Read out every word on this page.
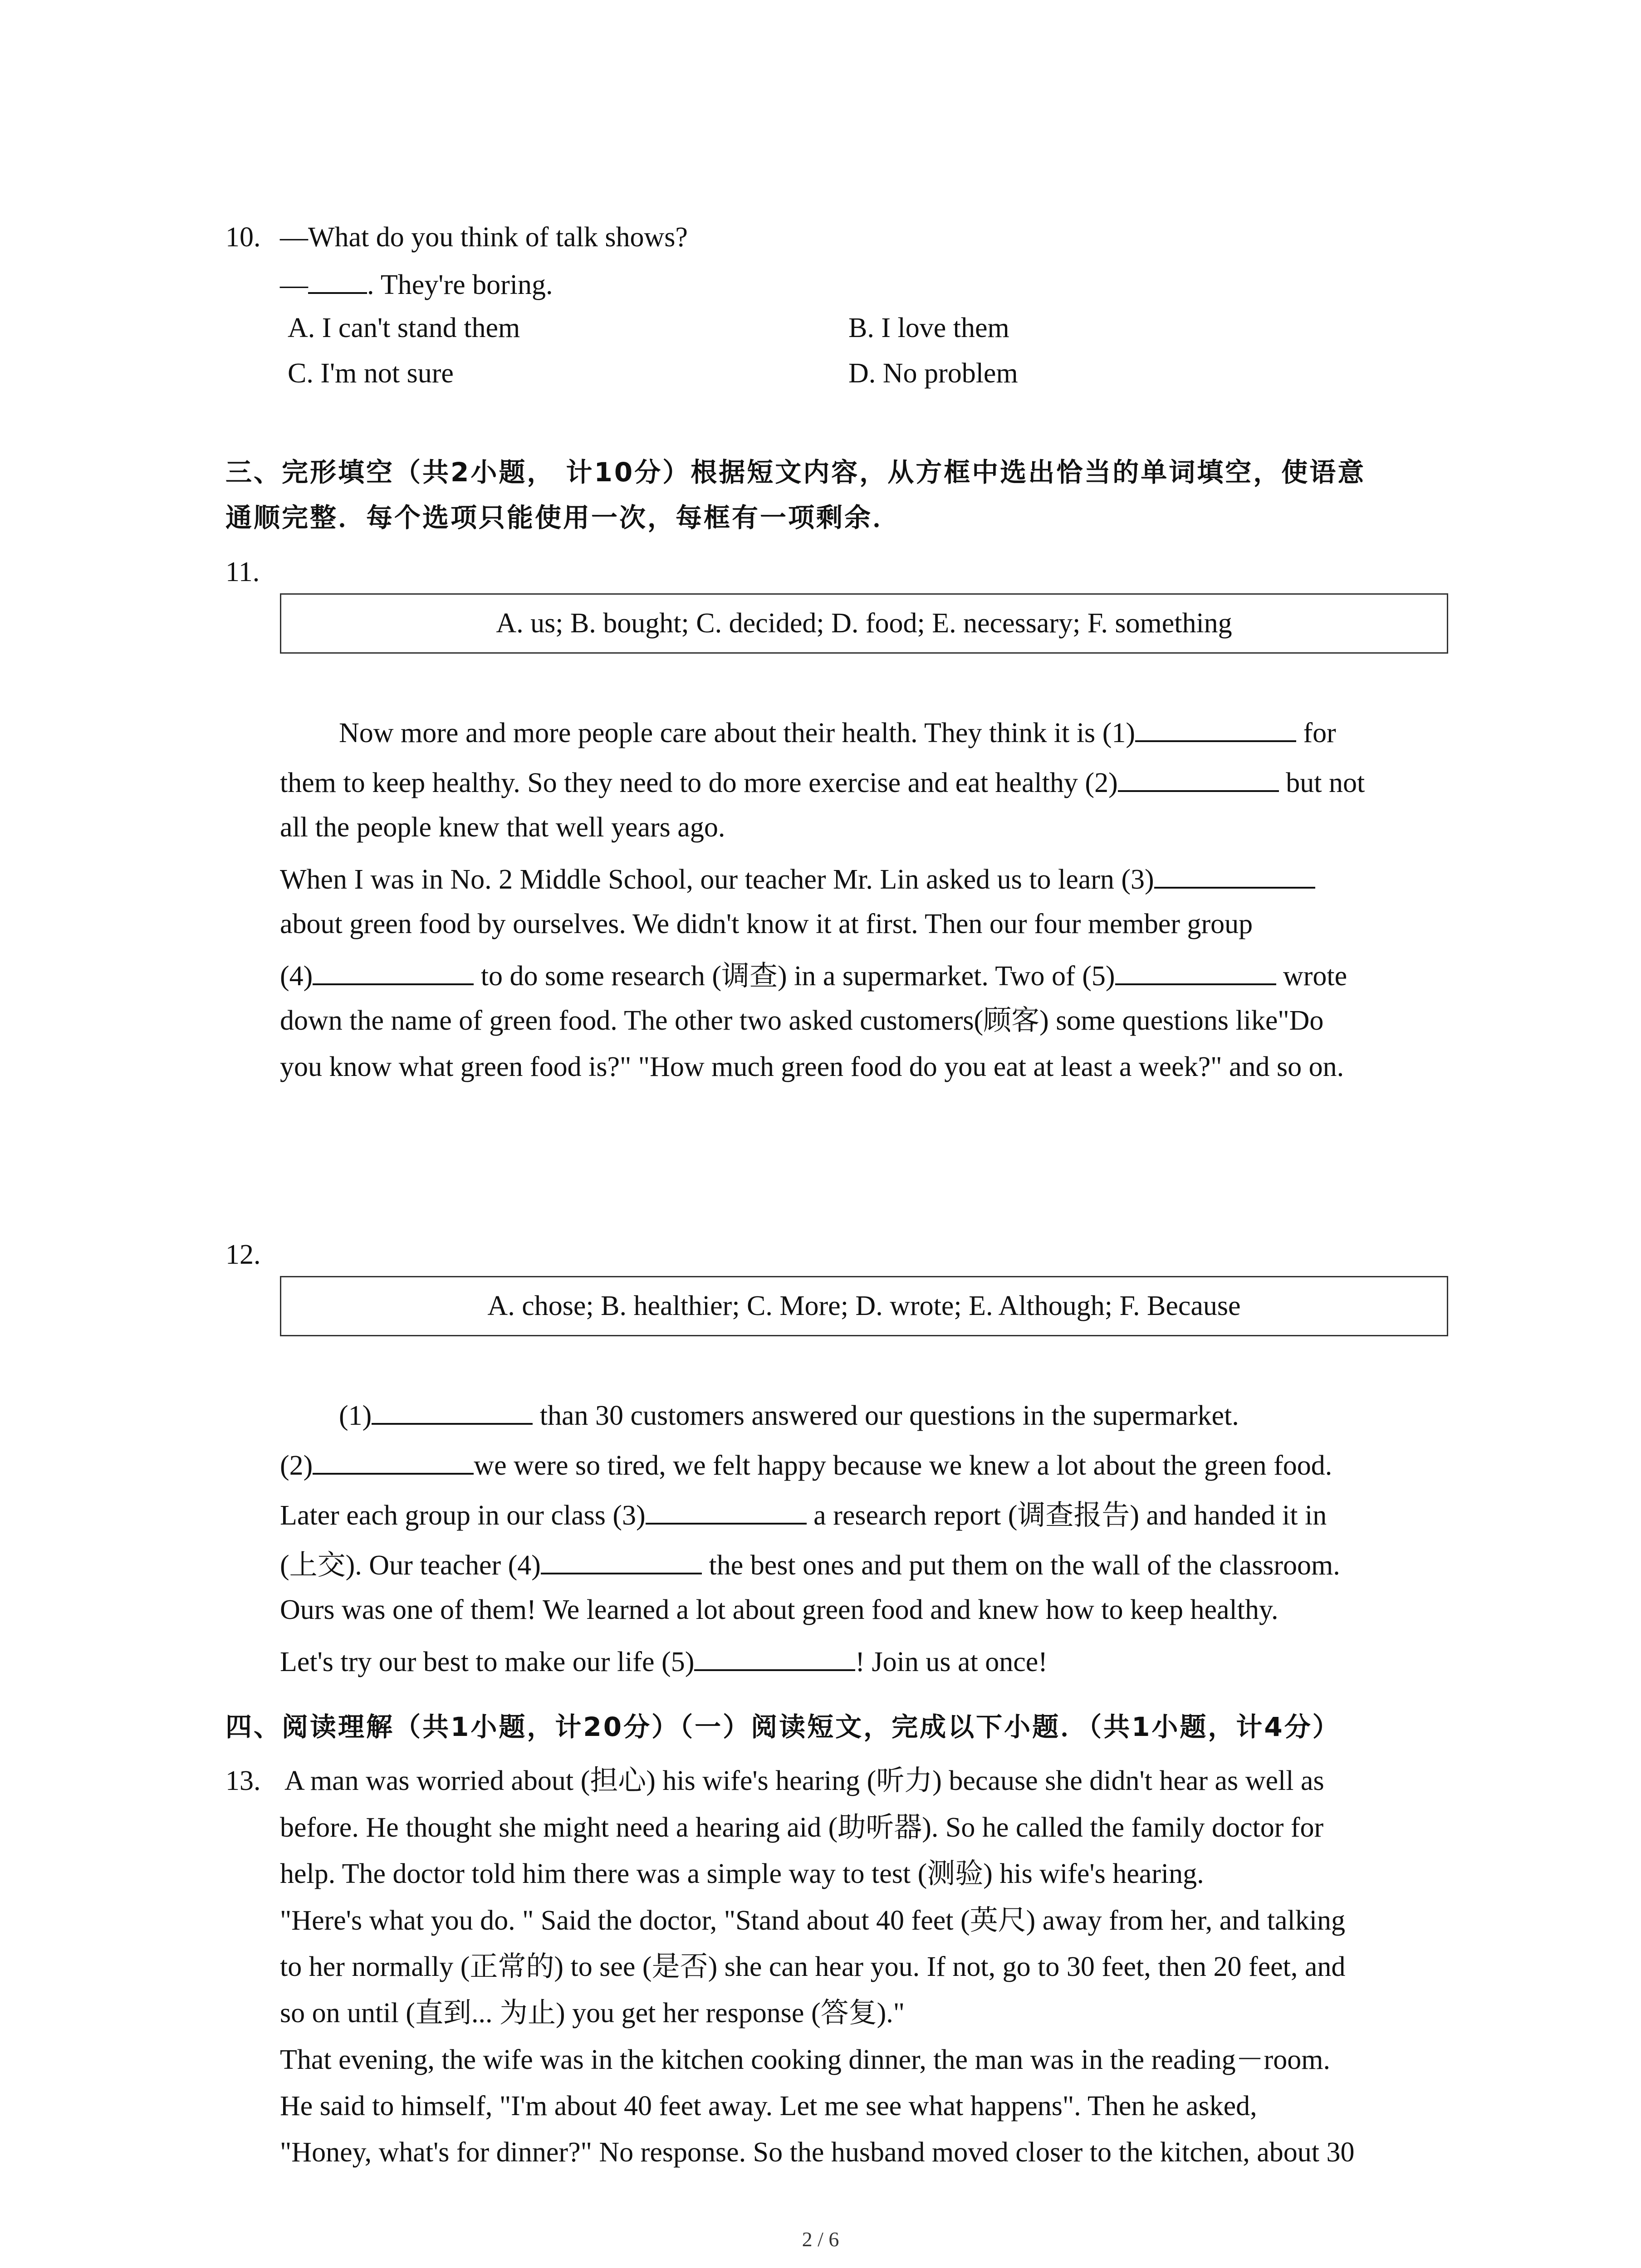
10. —What do you think of talk shows?
— . They're boring.
A. I can't stand them	B. I love them
C. I'm not sure	D. No problem
三、完形填空（共2小题， 计10分）根据短文内容，从方框中选出恰当的单词填空，使语意
通顺完整．每个选项只能使用一次，每框有一项剩余．
11.
A. us; B. bought; C. decided; D. food; E. necessary; F. something
Now more and more people care about their health. They think it is (1)	for
them to keep healthy. So they need to do more exercise and eat healthy (2)	but not
all the people knew that well years ago.
When I was in No. 2 Middle School, our teacher Mr. Lin asked us to learn (3)
about green food by ourselves. We didn't know it at first. Then our four member group
(4)	to do some research (调查) in a supermarket. Two of (5)	wrote
down the name of green food. The other two asked customers(顾客) some questions like"Do
you know what green food is?" "How much green food do you eat at least a week?" and so on.
12.
A. chose; B. healthier; C. More; D. wrote; E. Although; F. Because
(1)	than 30 customers answered our questions in the supermarket.
(2)	we were so tired, we felt happy because we knew a lot about the green food.
Later each group in our class (3)	a research report (调查报告) and handed it in
(上交). Our teacher (4)	the best ones and put them on the wall of the classroom.
Ours was one of them! We learned a lot about green food and knew how to keep healthy.
Let's try our best to make our life (5)	! Join us at once!
四、阅读理解（共1小题，计20分）（一）阅读短文，完成以下小题．（共1小题，计4分）
13. A man was worried about (担心) his wife's hearing (听力) because she didn't hear as well as
before. He thought she might need a hearing aid (助听器). So he called the family doctor for
help. The doctor told him there was a simple way to test (测验) his wife's hearing.
"Here's what you do. " Said the doctor, "Stand about 40 feet (英尺) away from her, and talking
to her normally (正常的) to see (是否) she can hear you. If not, go to 30 feet, then 20 feet, and
so on until (直到... 为止) you get her response (答复)."
That evening, the wife was in the kitchen cooking dinner, the man was in the reading－room.
He said to himself, "I'm about 40 feet away. Let me see what happens". Then he asked,
"Honey, what's for dinner?" No response. So the husband moved closer to the kitchen, about 30
2 / 6
